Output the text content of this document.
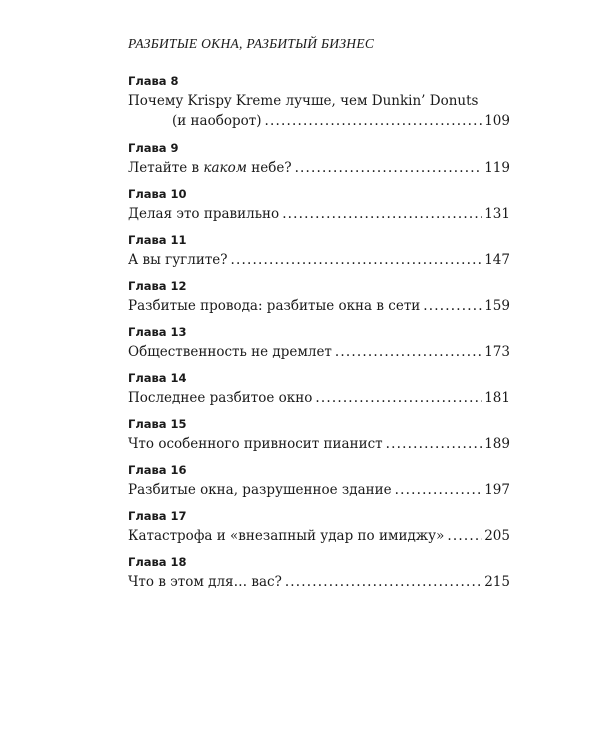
РАЗБИТЫЕ ОКНА, РАЗБИТЫЙ БИЗНЕС
Глава 8
Почему Krispy Kreme лучше, чем Dunkin’ Donuts
(и наоборот) .....	109
Глава 9
Летайте в каком небе? .....	119
Глава 10
Делая это правильно .....	131
Глава 11
А вы гуглите? .....	147
Глава 12
Разбитые провода: разбитые окна в сети .....	159
Глава 13
Общественность не дремлет .....	173
Глава 14
Последнее разбитое окно .....	181
Глава 15
Что особенного привносит пианист .....	189
Глава 16
Разбитые окна, разрушенное здание .....	197
Глава 17
Катастрофа и «внезапный удар по имиджу» .....	205
Глава 18
Что в этом для… вас? .....	215
